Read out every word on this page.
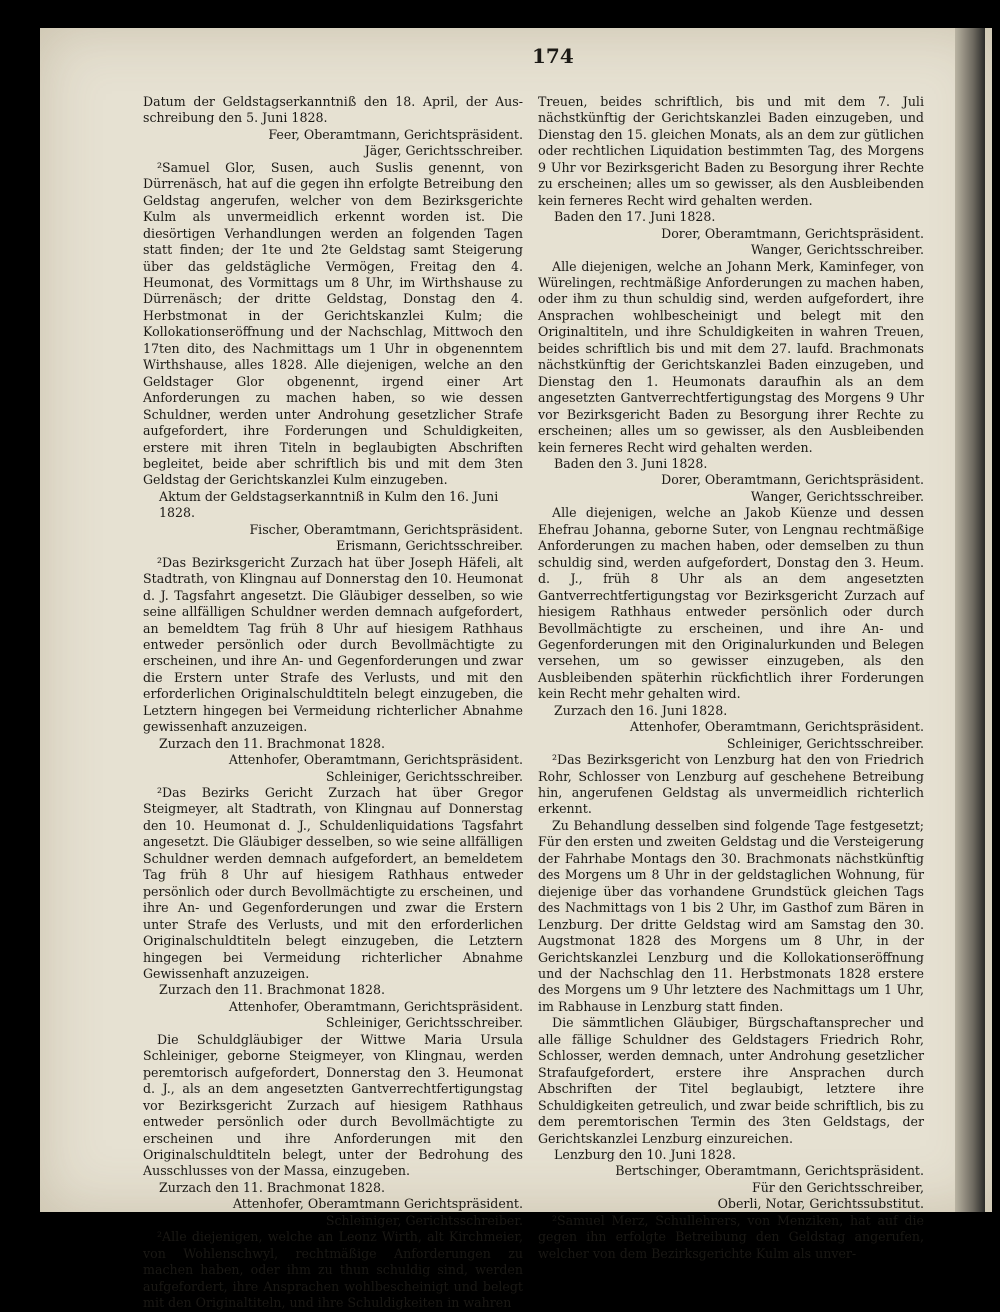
174

Datum der Geldstagserkanntniß den 18. April, der Aus-schreibung den 5. Juni 1828.

Feer, Oberamtmann, Gerichtspräsident.

Jäger, Gerichtsschreiber.

²Samuel Glor, Susen, auch Suslis genennt, von Dürrenäsch, hat auf die gegen ihn erfolgte Betreibung den Geldstag angerufen, welcher von dem Bezirksgerichte Kulm als unvermeidlich erkennt worden ist. Die diesörtigen Verhandlungen werden an folgenden Tagen statt finden; der 1te und 2te Geldstag samt Steigerung über das geldstägliche Vermögen, Freitag den 4. Heumonat, des Vormittags um 8 Uhr, im Wirthshause zu Dürrenäsch; der dritte Geldstag, Donstag den 4. Herbstmonat in der Gerichtskanzlei Kulm; die Kollokationseröffnung und der Nachschlag, Mittwoch den 17ten dito, des Nachmittags um 1 Uhr in obgenenntem Wirthshause, alles 1828. Alle diejenigen, welche an den Geldstager Glor obgenennt, irgend einer Art Anforderungen zu machen haben, so wie dessen Schuldner, werden unter Androhung gesetzlicher Strafe aufgefordert, ihre Forderungen und Schuldigkeiten, erstere mit ihren Titeln in beglaubigten Abschriften begleitet, beide aber schriftlich bis und mit dem 3ten Geldstag der Gerichtskanzlei Kulm einzugeben.

Aktum der Geldstagserkanntniß in Kulm den 16. Juni 1828.

Fischer, Oberamtmann, Gerichtspräsident.

Erismann, Gerichtsschreiber.

²Das Bezirksgericht Zurzach hat über Joseph Häfeli, alt Stadtrath, von Klingnau auf Donnerstag den 10. Heumonat d. J. Tagsfahrt angesetzt. Die Gläubiger desselben, so wie seine allfälligen Schuldner werden demnach aufgefordert, an bemeldtem Tag früh 8 Uhr auf hiesigem Rathhaus entweder persönlich oder durch Bevollmächtigte zu erscheinen, und ihre An- und Gegenforderungen und zwar die Erstern unter Strafe des Verlusts, und mit den erforderlichen Originalschuldtiteln belegt einzugeben, die Letztern hingegen bei Vermeidung richterlicher Abnahme gewissenhaft anzuzeigen.

Zurzach den 11. Brachmonat 1828.

Attenhofer, Oberamtmann, Gerichtspräsident.

Schleiniger, Gerichtsschreiber.

²Das Bezirks Gericht Zurzach hat über Gregor Steigmeyer, alt Stadtrath, von Klingnau auf Donnerstag den 10. Heumonat d. J., Schuldenliquidations Tagsfahrt angesetzt. Die Gläubiger desselben, so wie seine allfälligen Schuldner werden demnach aufgefordert, an bemeldetem Tag früh 8 Uhr auf hiesigem Rathhaus entweder persönlich oder durch Bevollmächtigte zu erscheinen, und ihre An- und Gegenforderungen und zwar die Erstern unter Strafe des Verlusts, und mit den erforderlichen Originalschuldtiteln belegt einzugeben, die Letztern hingegen bei Vermeidung richterlicher Abnahme Gewissenhaft anzuzeigen.

Zurzach den 11. Brachmonat 1828.

Attenhofer, Oberamtmann, Gerichtspräsident.

Schleiniger, Gerichtsschreiber.

Die Schuldgläubiger der Wittwe Maria Ursula Schleiniger, geborne Steigmeyer, von Klingnau, werden peremtorisch aufgefordert, Donnerstag den 3. Heumonat d. J., als an dem angesetzten Gantverrechtfertigungstag vor Bezirksgericht Zurzach auf hiesigem Rathhaus entweder persönlich oder durch Bevollmächtigte zu erscheinen und ihre Anforderungen mit den Originalschuldtiteln belegt, unter der Bedrohung des Ausschlusses von der Massa, einzugeben.

Zurzach den 11. Brachmonat 1828.

Attenhofer, Oberamtmann Gerichtspräsident.

Schleiniger, Gerichtsschreiber.

²Alle diejenigen, welche an Leonz Wirth, alt Kirchmeier, von Wohlenschwyl, rechtmäßige Anforderungen zu machen haben, oder ihm zu thun schuldig sind, werden aufgefordert, ihre Ansprachen wohlbescheinigt und belegt mit den Originaltiteln, und ihre Schuldigkeiten in wahren

Treuen, beides schriftlich, bis und mit dem 7. Juli nächstkünftig der Gerichtskanzlei Baden einzugeben, und Dienstag den 15. gleichen Monats, als an dem zur gütlichen oder rechtlichen Liquidation bestimmten Tag, des Morgens 9 Uhr vor Bezirksgericht Baden zu Besorgung ihrer Rechte zu erscheinen; alles um so gewisser, als den Ausbleibenden kein ferneres Recht wird gehalten werden.

Baden den 17. Juni 1828.

Dorer, Oberamtmann, Gerichtspräsident.

Wanger, Gerichtsschreiber.

Alle diejenigen, welche an Johann Merk, Kaminfeger, von Würelingen, rechtmäßige Anforderungen zu machen haben, oder ihm zu thun schuldig sind, werden aufgefordert, ihre Ansprachen wohlbescheinigt und belegt mit den Originaltiteln, und ihre Schuldigkeiten in wahren Treuen, beides schriftlich bis und mit dem 27. laufd. Brachmonats nächstkünftig der Gerichtskanzlei Baden einzugeben, und Dienstag den 1. Heumonats daraufhin als an dem angesetzten Gantverrechtfertigungstag des Morgens 9 Uhr vor Bezirksgericht Baden zu Besorgung ihrer Rechte zu erscheinen; alles um so gewisser, als den Ausbleibenden kein ferneres Recht wird gehalten werden.

Baden den 3. Juni 1828.

Dorer, Oberamtmann, Gerichtspräsident.

Wanger, Gerichtsschreiber.

Alle diejenigen, welche an Jakob Küenze und dessen Ehefrau Johanna, geborne Suter, von Lengnau rechtmäßige Anforderungen zu machen haben, oder demselben zu thun schuldig sind, werden aufgefordert, Donstag den 3. Heum. d. J., früh 8 Uhr als an dem angesetzten Gantverrechtfertigungstag vor Bezirksgericht Zurzach auf hiesigem Rathhaus entweder persönlich oder durch Bevollmächtigte zu erscheinen, und ihre An- und Gegenforderungen mit den Originalurkunden und Belegen versehen, um so gewisser einzugeben, als den Ausbleibenden späterhin rückfichtlich ihrer Forderungen kein Recht mehr gehalten wird.

Zurzach den 16. Juni 1828.

Attenhofer, Oberamtmann, Gerichtspräsident.

Schleiniger, Gerichtsschreiber.

²Das Bezirksgericht von Lenzburg hat den von Friedrich Rohr, Schlosser von Lenzburg auf geschehene Betreibung hin, angerufenen Geldstag als unvermeidlich richterlich erkennt.

Zu Behandlung desselben sind folgende Tage festgesetzt; Für den ersten und zweiten Geldstag und die Versteigerung der Fahrhabe Montags den 30. Brachmonats nächstkünftig des Morgens um 8 Uhr in der geldstaglichen Wohnung, für diejenige über das vorhandene Grundstück gleichen Tags des Nachmittags von 1 bis 2 Uhr, im Gasthof zum Bären in Lenzburg. Der dritte Geldstag wird am Samstag den 30. Augstmonat 1828 des Morgens um 8 Uhr, in der Gerichtskanzlei Lenzburg und die Kollokationseröffnung und der Nachschlag den 11. Herbstmonats 1828 erstere des Morgens um 9 Uhr letztere des Nachmittags um 1 Uhr, im Rabhause in Lenzburg statt finden.

Die sämmtlichen Gläubiger, Bürgschaftansprecher und alle fällige Schuldner des Geldstagers Friedrich Rohr, Schlosser, werden demnach, unter Androhung gesetzlicher Strafaufgefordert, erstere ihre Ansprachen durch Abschriften der Titel beglaubigt, letztere ihre Schuldigkeiten getreulich, und zwar beide schriftlich, bis zu dem peremtorischen Termin des 3ten Geldstags, der Gerichtskanzlei Lenzburg einzureichen.

Lenzburg den 10. Juni 1828.

Bertschinger, Oberamtmann, Gerichtspräsident.

Für den Gerichtsschreiber,

Oberli, Notar, Gerichtssubstitut.

²Samuel Merz, Schullehrers, von Menziken, hat auf die gegen ihn erfolgte Betreibung den Geldstag angerufen, welcher von dem Bezirksgerichte Kulm als unver-
